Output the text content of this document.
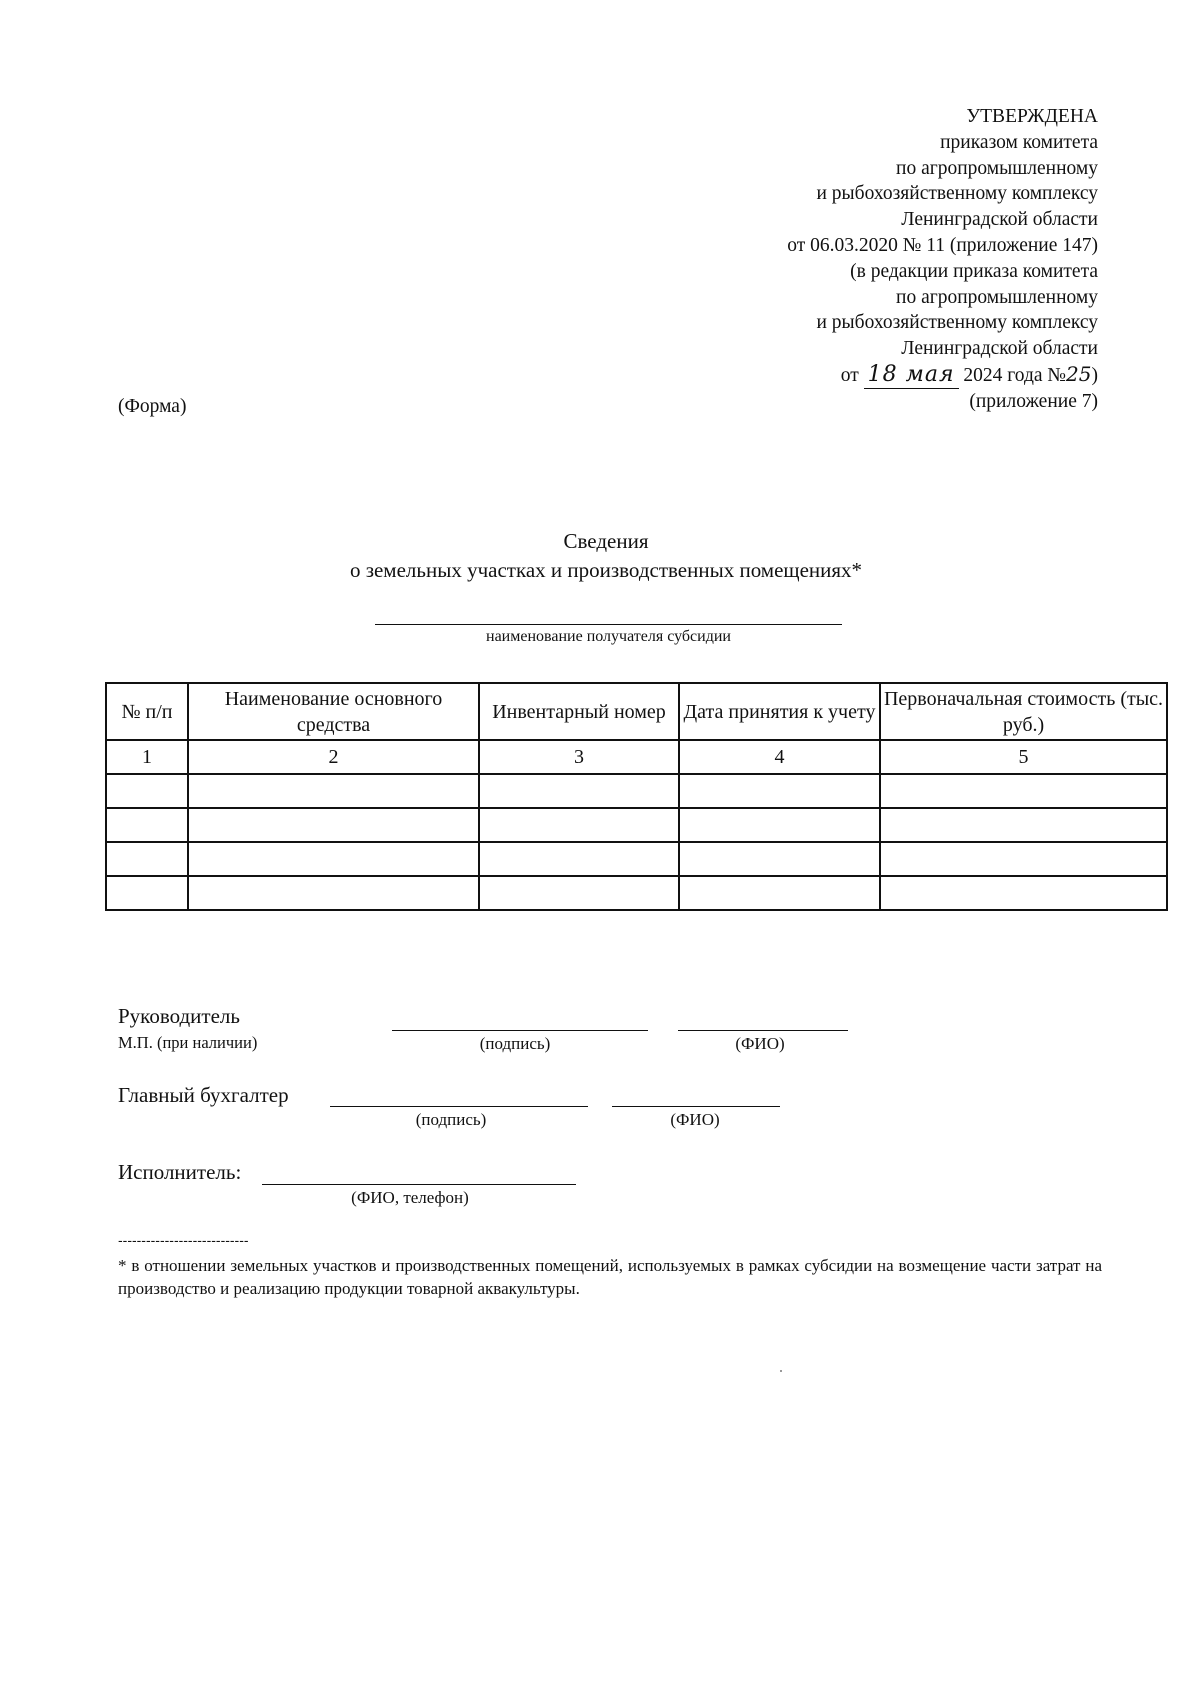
УТВЕРЖДЕНА
приказом комитета
по агропромышленному
и рыбохозяйственному комплексу
Ленинградской области
от 06.03.2020 № 11 (приложение 147)
(в редакции приказа комитета
по агропромышленному
и рыбохозяйственному комплексу
Ленинградской области
от 18 мая 2024 года №25)
(приложение 7)
(Форма)
Сведения
о земельных участках и производственных помещениях*
наименование получателя субсидии
№ п/п	Наименование основного средства	Инвентарный номер	Дата принятия к учету	Первоначальная стоимость (тыс. руб.)
1	2	3	4	5

Руководитель
М.П. (при наличии)	(подпись)	(ФИО)
Главный бухгалтер
(подпись)	(ФИО)
Исполнитель:
(ФИО, телефон)
----------------------------
* в отношении земельных участков и производственных помещений, используемых в рамках субсидии на возмещение части затрат на производство и реализацию продукции товарной аквакультуры.
